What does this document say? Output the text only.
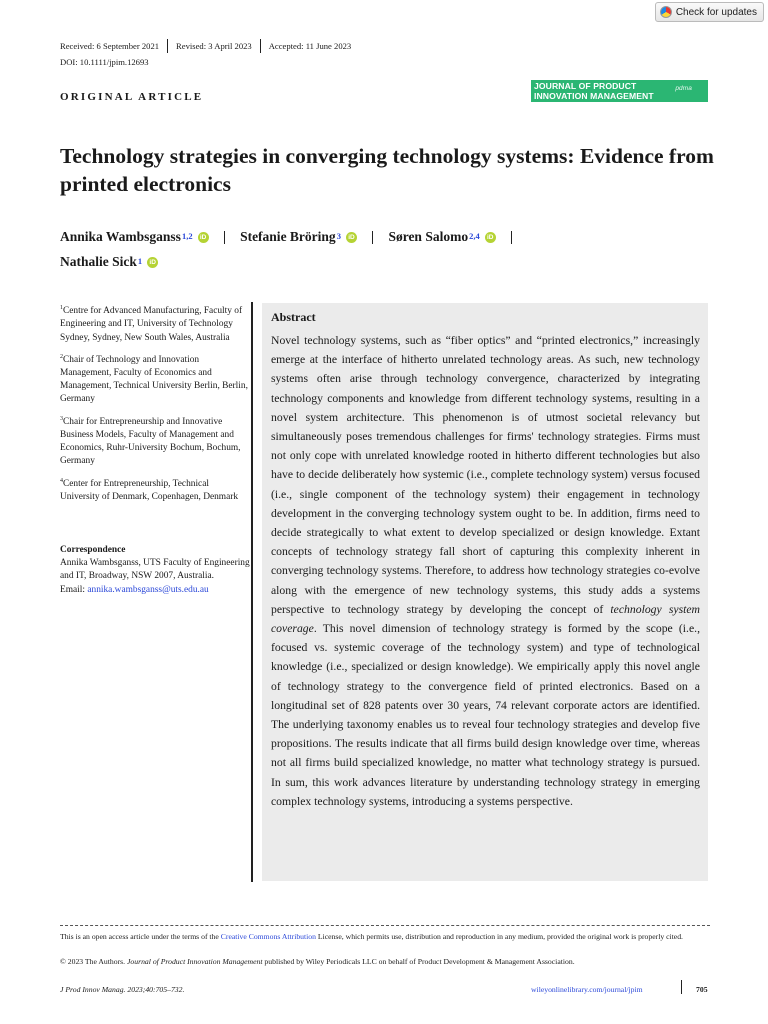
Check for updates
Received: 6 September 2021 Revised: 3 April 2023 Accepted: 11 June 2023
DOI: 10.1111/jpim.12693
ORIGINAL ARTICLE
JOURNAL OF PRODUCT
INNOVATION MANAGEMENT
pdma
Technology strategies in converging technology systems: Evidence from printed electronics
Annika Wambsganss$^{1,2}$	iD	Stefanie Bröring$^3$	iD	Søren Salomo$^{2,4}$	iD
Nathalie Sick$^1$	iD
$^1$Centre for Advanced Manufacturing, Faculty of Engineering and IT, University of Technology Sydney, Sydney, New South Wales, Australia
$^2$Chair of Technology and Innovation Management, Faculty of Economics and Management, Technical University Berlin, Berlin, Germany
$^3$Chair for Entrepreneurship and Innovative Business Models, Faculty of Management and Economics, Ruhr-University Bochum, Bochum, Germany
$^4$Center for Entrepreneurship, Technical University of Denmark, Copenhagen, Denmark
Correspondence
Annika Wambsganss, UTS Faculty of Engineering and IT, Broadway, NSW 2007, Australia.
Email: annika.wambsganss@uts.edu.au
Abstract
Novel technology systems, such as “fiber optics” and “printed electronics,” increasingly emerge at the interface of hitherto unrelated technology areas. As such, new technology systems often arise through technology convergence, characterized by integrating technology components and knowledge from different technology systems, resulting in a novel system architecture. This phenomenon is of utmost societal relevancy but simultaneously poses tremendous challenges for firms' technology strategies. Firms must not only cope with unrelated knowledge rooted in hitherto different technologies but also have to decide deliberately how systemic (i.e., complete technology system) versus focused (i.e., single component of the technology system) their engagement in technology development in the converging technology system ought to be. In addition, firms need to decide strategically to what extent to develop specialized or design knowledge. Extant concepts of technology strategy fall short of capturing this complexity inherent in converging technology systems. Therefore, to address how technology strategies co-evolve along with the emergence of new technology systems, this study adds a systems perspective to technology strategy by developing the concept of technology system coverage. This novel dimension of technology strategy is formed by the scope (i.e., focused vs. systemic coverage of the technology system) and type of technological knowledge (i.e., specialized or design knowledge). We empirically apply this novel angle of technology strategy to the convergence field of printed electronics. Based on a longitudinal set of 828 patents over 30 years, 74 relevant corporate actors are identified. The underlying taxonomy enables us to reveal four technology strategies and develop five propositions. The results indicate that all firms build design knowledge over time, whereas not all firms build specialized knowledge, no matter what technology strategy is pursued. In sum, this work advances literature by understanding technology strategy in emerging complex technology systems, introducing a systems perspective.
This is an open access article under the terms of the Creative Commons Attribution License, which permits use, distribution and reproduction in any medium, provided the original work is properly cited.
© 2023 The Authors. Journal of Product Innovation Management published by Wiley Periodicals LLC on behalf of Product Development & Management Association.
J Prod Innov Manag. 2023;40:705–732.	wileyonlinelibrary.com/journal/jpim	705
